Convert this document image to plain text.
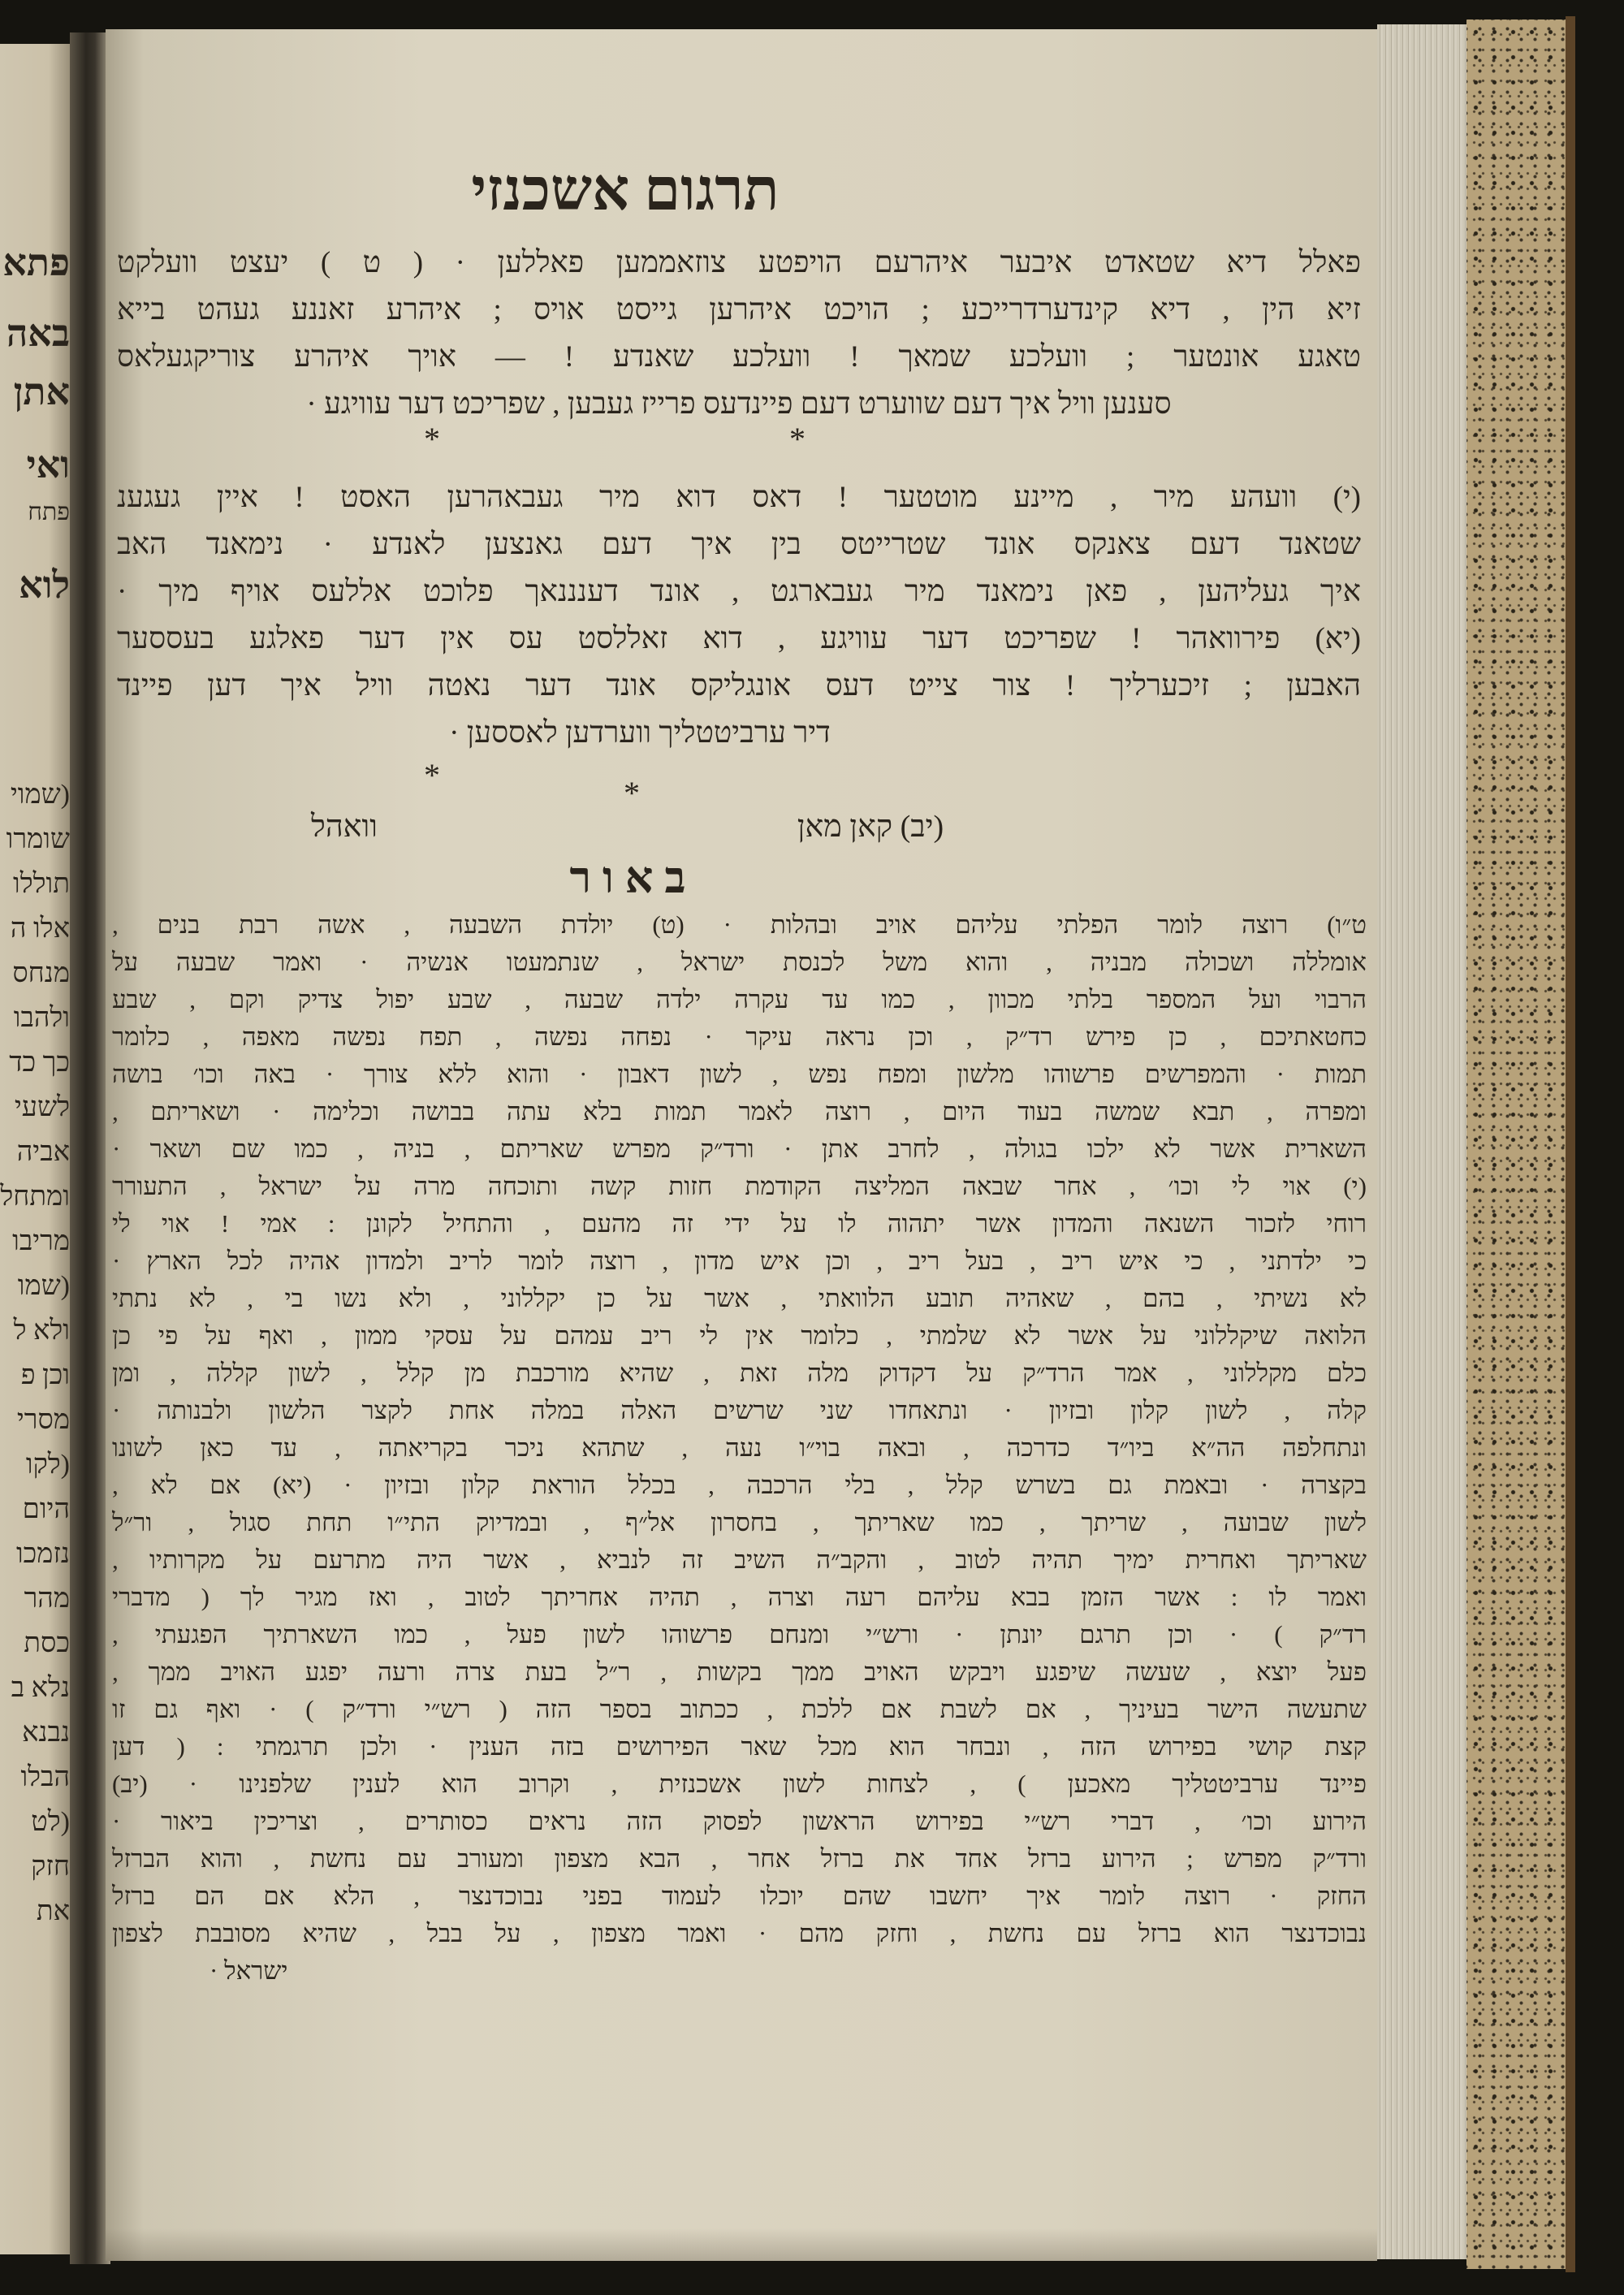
פתא
באה
אתן
ואי
פתח
לוא
(שמוי
שומרו
תוללו
אלו ה
מנחס
ולהבו
כך כד
לשעי
אביה
ומתחל
מריבו
(שמו
ולא ל
וכן פ
מסרי
(לקו
היום
נזמכו
מהר
כסת
נלא ב
נבנא
הבלו
(לט
חזק
את
תרגום אשכנזי
פאלל דיא שטאדט איבער איהרעם הויפטע צוזאממען פאללען · ( ט ) יעצט וועלקט
זיא הין , דיא קינדערדרייכע ; הויכט איהרען גייסט אויס ; איהרע זאננע געהט בייא
טאגע אונטער ; וועלכע שמאך ! וועלכע שאנדע ! — אויך איהרע צוריקגעלאס
סענען וויל איך דעם שווערט דעם פיינדעס פרייז געבען , שפריכט דער עוויגע ·
*	*
(י) וועהע מיר , מיינע מוטטער ! דאס דוא מיר געבאהרען האסט ! איין געגענ
שטאנד דעם צאנקס אונד שטרייטס בין איך דעם גאנצען לאנדע · נימאנד האב
איך געליהען , פאן נימאנד מיר געבארגט , אונד דענננאך פלוכט אללעס אויף מיך ·
(יא) פירוואהר ! שפריכט דער עוויגע , דוא זאללסט עס אין דער פאלגע בעססער
האבען ; זיכערליך ! צור צייט דעס אונגליקס אונד דער נאטה וויל איך דען פיינד
דיר ערביטטליך ווערדען לאססען ·
*	*
(יב) קאן מאן
וואהל
באור
ט״ו) רוצה לומר הפלתי עליהם אויב ובהלות · (ט) יולדת השבעה , אשה רבת בנים ,
אומללה ושכולה מבניה , והוא משל לכנסת ישראל , שנתמעטו אנשיה · ואמר שבעה על
הרבוי ועל המספר בלתי מכוון , כמו עד עקרה ילדה שבעה , שבע יפול צדיק וקם , שבע
כחטאתיכם , כן פירש רד״ק , וכן נראה עיקר · נפחה נפשה , תפח נפשה מאפה , כלומר
תמות · והמפרשים פרשוהו מלשון ומפח נפש , לשון דאבון · והוא ללא צורך · באה וכו׳ בושה
ומפרה , תבא שמשה בעוד היום , רוצה לאמר תמות בלא עתה בבושה וכלימה · ושאריתם ,
השארית אשר לא ילכו בגולה , לחרב אתן · ורד״ק מפרש שאריתם , בניה , כמו שם ושאר ·
(י) אוי לי וכו׳ , אחר שבאה המליצה הקודמת חזות קשה ותוכחה מרה על ישראל , התעורר
רוחי לזכור השנאה והמדון אשר יתהוה לו על ידי זה מהעם , והתחיל לקונן : אמי ! אוי לי
כי ילדתני , כי איש ריב , בעל ריב , וכן איש מדון , רוצה לומר לריב ולמדון אהיה לכל הארץ ·
לא נשיתי , בהם , שאהיה תובע הלוואתי , אשר על כן יקללוני , ולא נשו בי , לא נתתי
הלואה שיקללוני על אשר לא שלמתי , כלומר אין לי ריב עמהם על עסקי ממון , ואף על פי כן
כלם מקללוני , אמר הרד״ק על דקדוק מלה זאת , שהיא מורכבת מן קלל , לשון קללה , ומן
קלה , לשון קלון ובזיון · ונתאחדו שני שרשים האלה במלה אחת לקצר הלשון ולבנותה ·
ונתחלפה הה״א ביו״ד כדרכה , ובאה בוי״ו נעה , שתהא ניכר בקריאתה , עד כאן לשונו
בקצרה · ובאמת גם בשרש קלל , בלי הרכבה , בכלל הוראת קלון ובזיון · (יא) אם לא ,
לשון שבועה , שריתך , כמו שאריתך , בחסרון אל״ף , ובמדיוק התי״ו תחת סגול , ור״ל
שאריתך ואחרית ימיך תהיה לטוב , והקב״ה השיב זה לנביא , אשר היה מתרעם על מקרותיו ,
ואמר לו : אשר הזמן בבא עליהם רעה וצרה , תהיה אחריתך לטוב , ואז מגיר לך ( מדברי
רד״ק ) · וכן תרגם יונתן · ורש״י ומנחם פרשוהו לשון פעל , כמו השארתיך הפגעתי ,
פעל יוצא , שעשה שיפגע ויבקש האויב ממך בקשות , ר״ל בעת צרה ורעה יפגע האויב ממך ,
שתעשה הישר בעיניך , אם לשבת אם ללכת , ככתוב בספר הזה ( רש״י ורד״ק ) · ואף גם זו
קצת קושי בפירוש הזה , ונבחר הוא מכל שאר הפירושים בזה הענין · ולכן תרגמתי : ( דען
פיינד ערביטטליך מאכען ) , לצחות לשון אשכנזית , וקרוב הוא לענין שלפנינו · (יב)
הירוע וכו׳ , דברי רש״י בפירוש הראשון לפסוק הזה נראים כסותרים , וצריכין ביאור ·
ורד״ק מפרש ; הירוע ברזל אחד את ברזל אחר , הבא מצפון ומעורב עם נחשת , והוא הברזל
החזק · רוצה לומר איך יחשבו שהם יוכלו לעמוד בפני נבוכדנצר , הלא אם הם ברזל
נבוכדנצר הוא ברזל עם נחשת , וחזק מהם · ואמר מצפון , על בבל , שהיא מסובבת לצפון
ישראל ·
